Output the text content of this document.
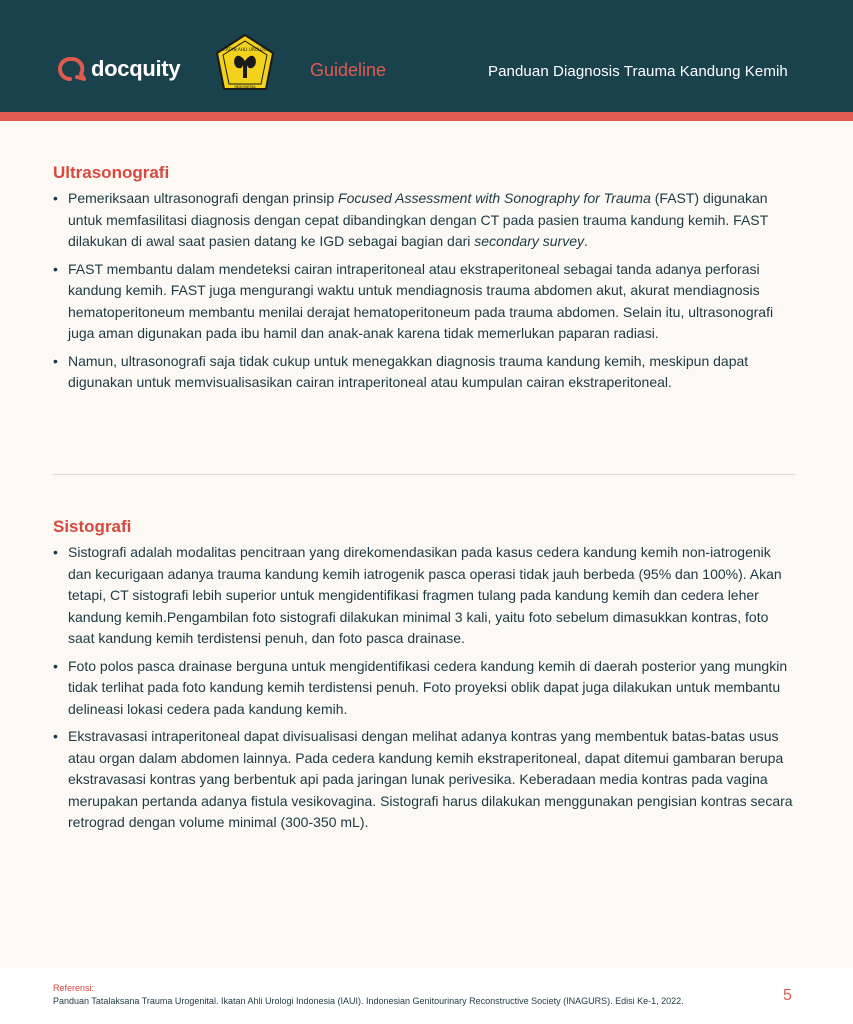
docquity
IKATAN AHLI UROLOGI
INDONESIA
Guideline	Panduan Diagnosis Trauma Kandung Kemih
Ultrasonografi
• Pemeriksaan ultrasonografi dengan prinsip Focused Assessment with Sonography for Trauma (FAST) digunakan untuk memfasilitasi diagnosis dengan cepat dibandingkan dengan CT pada pasien trauma kandung kemih. FAST dilakukan di awal saat pasien datang ke IGD sebagai bagian dari secondary survey.
• FAST membantu dalam mendeteksi cairan intraperitoneal atau ekstraperitoneal sebagai tanda adanya perforasi kandung kemih. FAST juga mengurangi waktu untuk mendiagnosis trauma abdomen akut, akurat mendiagnosis hematoperitoneum membantu menilai derajat hematoperitoneum pada trauma abdomen. Selain itu, ultrasonografi juga aman digunakan pada ibu hamil dan anak-anak karena tidak memerlukan paparan radiasi.
• Namun, ultrasonografi saja tidak cukup untuk menegakkan diagnosis trauma kandung kemih, meskipun dapat digunakan untuk memvisualisasikan cairan intraperitoneal atau kumpulan cairan ekstraperitoneal.
Sistografi
• Sistografi adalah modalitas pencitraan yang direkomendasikan pada kasus cedera kandung kemih non-iatrogenik dan kecurigaan adanya trauma kandung kemih iatrogenik pasca operasi tidak jauh berbeda (95% dan 100%). Akan tetapi, CT sistografi lebih superior untuk mengidentifikasi fragmen tulang pada kandung kemih dan cedera leher kandung kemih.Pengambilan foto sistografi dilakukan minimal 3 kali, yaitu foto sebelum dimasukkan kontras, foto saat kandung kemih terdistensi penuh, dan foto pasca drainase.
• Foto polos pasca drainase berguna untuk mengidentifikasi cedera kandung kemih di daerah posterior yang mungkin tidak terlihat pada foto kandung kemih terdistensi penuh. Foto proyeksi oblik dapat juga dilakukan untuk membantu delineasi lokasi cedera pada kandung kemih.
• Ekstravasasi intraperitoneal dapat divisualisasi dengan melihat adanya kontras yang membentuk batas-batas usus atau organ dalam abdomen lainnya. Pada cedera kandung kemih ekstraperitoneal, dapat ditemui gambaran berupa ekstravasasi kontras yang berbentuk api pada jaringan lunak perivesika. Keberadaan media kontras pada vagina merupakan pertanda adanya fistula vesikovagina. Sistografi harus dilakukan menggunakan pengisian kontras secara retrograd dengan volume minimal (300-350 mL).
Referensi:
Panduan Tatalaksana Trauma Urogenital. Ikatan Ahli Urologi Indonesia (IAUI). Indonesian Genitourinary Reconstructive Society (INAGURS). Edisi Ke-1, 2022.	5
